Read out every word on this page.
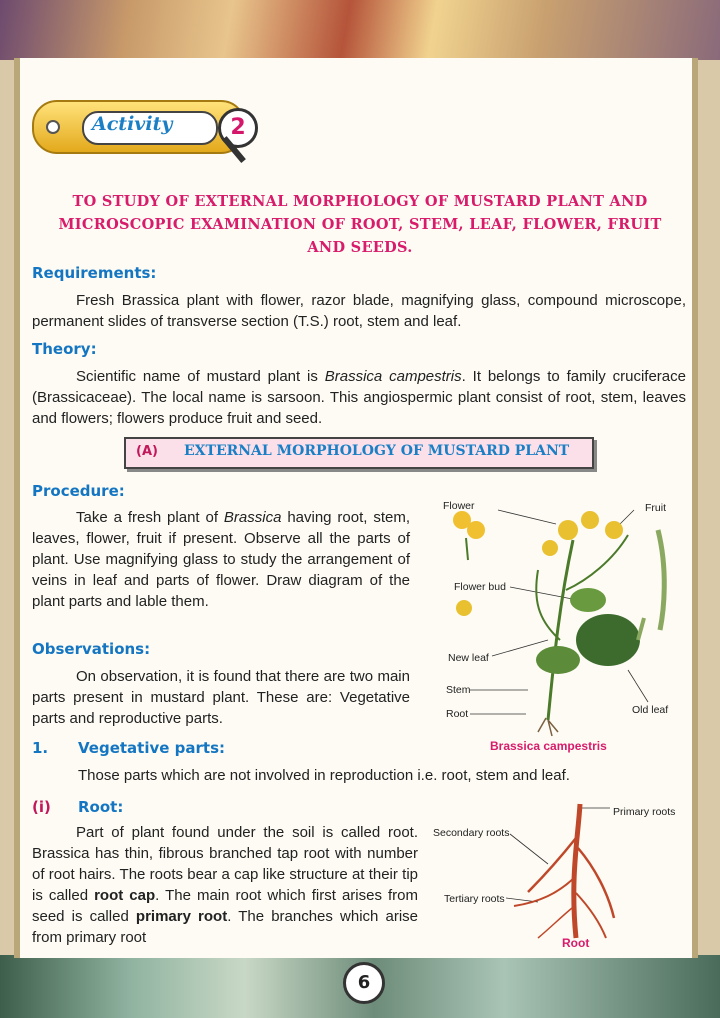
Activity	2
TO STUDY OF EXTERNAL MORPHOLOGY OF MUSTARD PLANT AND
MICROSCOPIC EXAMINATION OF ROOT, STEM, LEAF, FLOWER, FRUIT
AND SEEDS.
Requirements:
Fresh Brassica plant with flower, razor blade, magnifying glass, compound microscope, permanent slides of transverse section (T.S.) root, stem and leaf.
Theory:
Scientific name of mustard plant is Brassica campestris. It belongs to family cruciferace (Brassicaceae). The local name is sarsoon. This angiospermic plant consist of root, stem, leaves and flowers; flowers produce fruit and seed.
(A) EXTERNAL MORPHOLOGY OF MUSTARD PLANT
Procedure:
Take a fresh plant of Brassica having root, stem, leaves, flower, fruit if present. Observe all the parts of plant. Use magnifying glass to study the arrangement of veins in leaf and parts of flower. Draw diagram of the plant parts and lable them.
Observations:
On observation, it is found that there are two main parts present in mustard plant. These are: Vegetative parts and reproductive parts.
1. Vegetative parts:
Those parts which are not involved in reproduction i.e. root, stem and leaf.
(i) Root:
Part of plant found under the soil is called root. Brassica has thin, fibrous branched tap root with number of root hairs. The roots bear a cap like structure at their tip is called root cap. The main root which first arises from seed is called primary root. The branches which arise from primary root
Flower	Fruit
Flower bud
New leaf
Stem
Root	Old leaf
Brassica campestris
Primary roots
Secondary roots
Tertiary roots
Root
6
